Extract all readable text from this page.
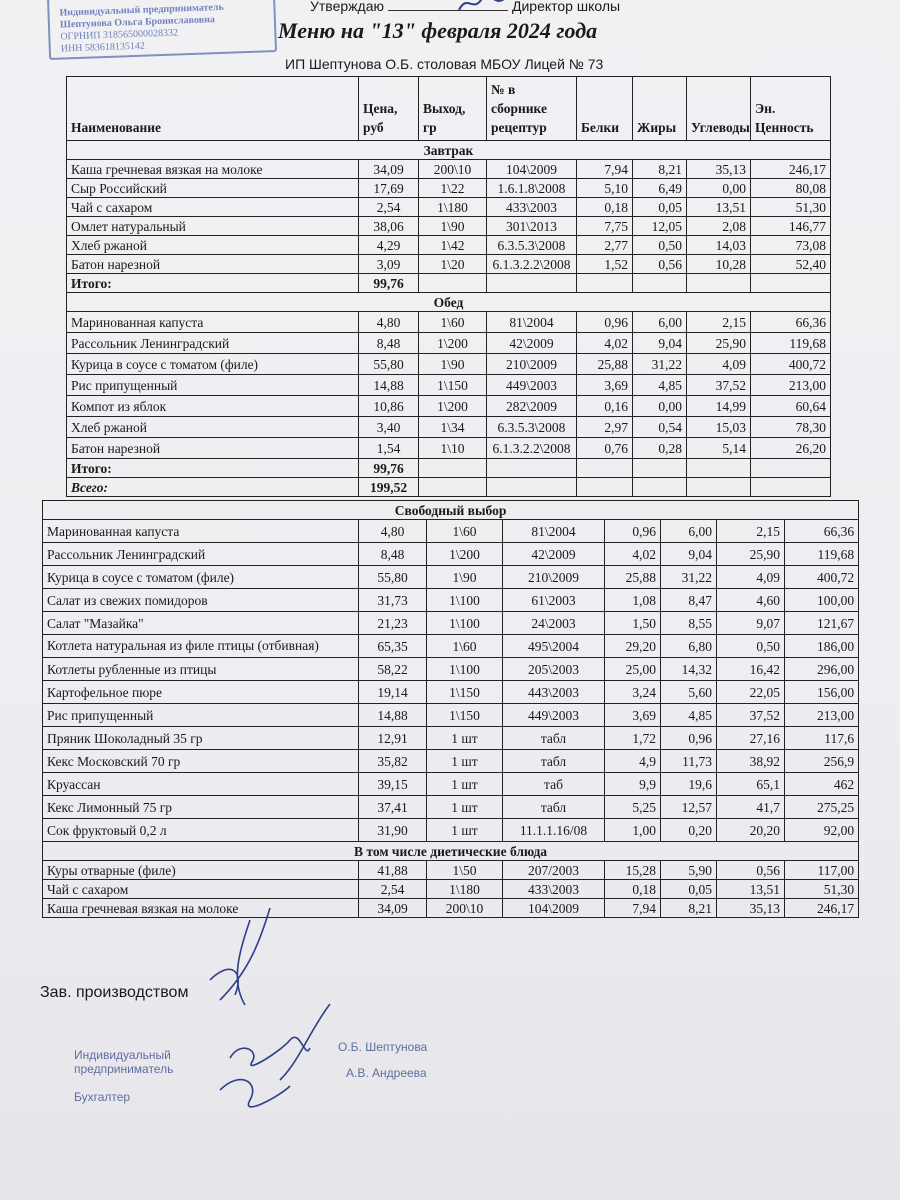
Индивидуальный предприниматель
Шептунова Ольга Брониславовна
ОГРНИП 318565000028332
ИНН 583618135142
Утверждаю	Директор школы
Меню на "13" февраля 2024 года
ИП Шептунова О.Б. столовая МБОУ Лицей № 73
Наименование	Цена, руб	Выход, гр	№ в сборнике рецептур	Белки	Жиры	Углеводы	Эн. Ценность
Завтрак							
Каша гречневая вязкая на молоке	34,09	200\10	104\2009	7,94	8,21	35,13	246,17
Сыр Российский	17,69	1\22	1.6.1.8\2008	5,10	6,49	0,00	80,08
Чай с сахаром	2,54	1\180	433\2003	0,18	0,05	13,51	51,30
Омлет натуральный	38,06	1\90	301\2013	7,75	12,05	2,08	146,77
Хлеб ржаной	4,29	1\42	6.3.5.3\2008	2,77	0,50	14,03	73,08
Батон нарезной	3,09	1\20	6.1.3.2.2\2008	1,52	0,56	10,28	52,40
Итого:	99,76						
Обед							
Маринованная капуста	4,80	1\60	81\2004	0,96	6,00	2,15	66,36
Рассольник Ленинградский	8,48	1\200	42\2009	4,02	9,04	25,90	119,68
Курица в соусе с томатом (филе)	55,80	1\90	210\2009	25,88	31,22	4,09	400,72
Рис припущенный	14,88	1\150	449\2003	3,69	4,85	37,52	213,00
Компот из яблок	10,86	1\200	282\2009	0,16	0,00	14,99	60,64
Хлеб ржаной	3,40	1\34	6.3.5.3\2008	2,97	0,54	15,03	78,30
Батон нарезной	1,54	1\10	6.1.3.2.2\2008	0,76	0,28	5,14	26,20
Итого:	99,76						
Всего:	199,52						
Свободный выбор							
Маринованная капуста	4,80	1\60	81\2004	0,96	6,00	2,15	66,36
Рассольник Ленинградский	8,48	1\200	42\2009	4,02	9,04	25,90	119,68
Курица в соусе с томатом (филе)	55,80	1\90	210\2009	25,88	31,22	4,09	400,72
Салат из свежих помидоров	31,73	1\100	61\2003	1,08	8,47	4,60	100,00
Салат "Мазайка"	21,23	1\100	24\2003	1,50	8,55	9,07	121,67
Котлета натуральная из филе птицы (отбивная)	65,35	1\60	495\2004	29,20	6,80	0,50	186,00
Котлеты рубленные из птицы	58,22	1\100	205\2003	25,00	14,32	16,42	296,00
Картофельное пюре	19,14	1\150	443\2003	3,24	5,60	22,05	156,00
Рис припущенный	14,88	1\150	449\2003	3,69	4,85	37,52	213,00
Пряник Шоколадный 35 гр	12,91	1 шт	табл	1,72	0,96	27,16	117,6
Кекс Московский 70 гр	35,82	1 шт	табл	4,9	11,73	38,92	256,9
Круассан	39,15	1 шт	таб	9,9	19,6	65,1	462
Кекс Лимонный 75 гр	37,41	1 шт	табл	5,25	12,57	41,7	275,25
Сок фруктовый 0,2 л	31,90	1 шт	11.1.1.16/08	1,00	0,20	20,20	92,00
В том числе диетические блюда							
Куры отварные (филе)	41,88	1\50	207/2003	15,28	5,90	0,56	117,00
Чай с сахаром	2,54	1\180	433\2003	0,18	0,05	13,51	51,30
Каша гречневая вязкая на молоке	34,09	200\10	104\2009	7,94	8,21	35,13	246,17
Зав. производством
Индивидуальный
предприниматель
Бухгалтер
О.Б. Шептунова
А.В. Андреева
